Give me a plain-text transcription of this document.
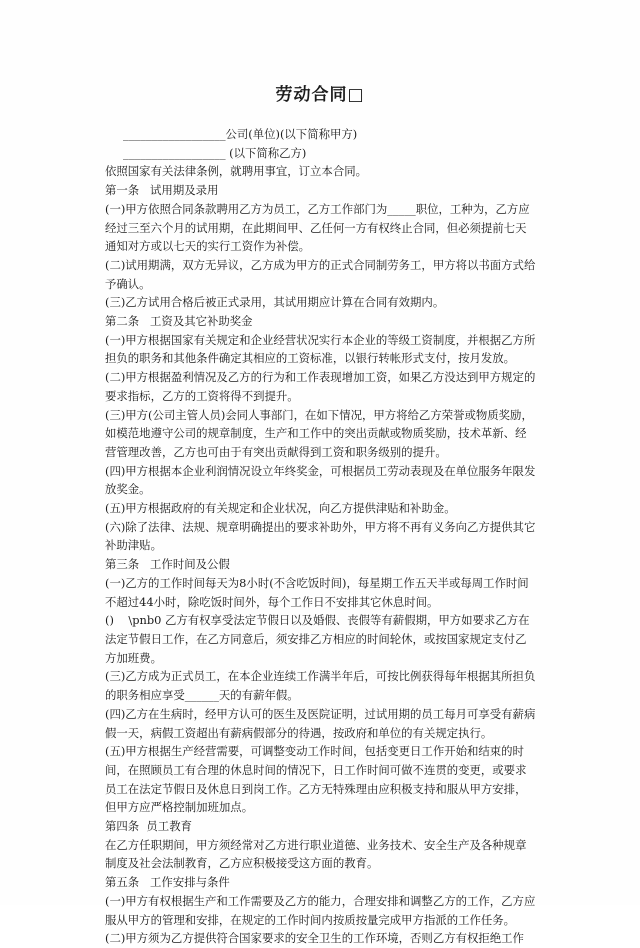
劳动合同□

__________________公司(单位)(以下简称甲方)

__________________ (以下简称乙方)

依照国家有关法律条例，就聘用事宜，订立本合同。

第一条   试用期及录用

(一)甲方依照合同条款聘用乙方为员工，乙方工作部门为_____职位，工种为，乙方应经过三至六个月的试用期，在此期间甲、乙任何一方有权终止合同，但必须提前七天通知对方或以七天的实行工资作为补偿。

(二)试用期满，双方无异议，乙方成为甲方的正式合同制劳务工，甲方将以书面方式给予确认。

(三)乙方试用合格后被正式录用，其试用期应计算在合同有效期内。

第二条   工资及其它补助奖金

(一)甲方根据国家有关规定和企业经营状况实行本企业的等级工资制度，并根据乙方所担负的职务和其他条件确定其相应的工资标准，以银行转帐形式支付，按月发放。

(二)甲方根据盈利情况及乙方的行为和工作表现增加工资，如果乙方没达到甲方规定的要求指标，乙方的工资将得不到提升。

(三)甲方(公司主管人员)会同人事部门，在如下情况，甲方将给乙方荣誉或物质奖励，如模范地遵守公司的规章制度，生产和工作中的突出贡献或物质奖励，技术革新、经营管理改善，乙方也可由于有突出贡献得到工资和职务级别的提升。

(四)甲方根据本企业利润情况设立年终奖金，可根据员工劳动表现及在单位服务年限发放奖金。

(五)甲方根据政府的有关规定和企业状况，向乙方提供津贴和补助金。

(六)除了法律、法规、规章明确提出的要求补助外，甲方将不再有义务向乙方提供其它补助津贴。

第三条   工作时间及公假

(一)乙方的工作时间每天为8小时(不含吃饭时间)，每星期工作五天半或每周工作时间不超过44小时，除吃饭时间外，每个工作日不安排其它休息时间。

()    \pnb0 乙方有权享受法定节假日以及婚假、丧假等有薪假期，甲方如要求乙方在法定节假日工作，在乙方同意后，须安排乙方相应的时间轮休，或按国家规定支付乙方加班费。

(三)乙方成为正式员工，在本企业连续工作满半年后，可按比例获得每年根据其所担负的职务相应享受______天的有薪年假。

(四)乙方在生病时，经甲方认可的医生及医院证明，过试用期的员工每月可享受有薪病假一天，病假工资超出有薪病假部分的待遇，按政府和单位的有关规定执行。

(五)甲方根据生产经营需要，可调整变动工作时间，包括变更日工作开始和结束的时间，在照顾员工有合理的休息时间的情况下，日工作时间可做不连贯的变更，或要求员工在法定节假日及休息日到岗工作。乙方无特殊理由应积极支持和服从甲方安排，但甲方应严格控制加班加点。

第四条  员工教育

在乙方任职期间，甲方须经常对乙方进行职业道德、业务技术、安全生产及各种规章制度及社会法制教育，乙方应积极接受这方面的教育。

第五条   工作安排与条件

(一)甲方有权根据生产和工作需要及乙方的能力，合理安排和调整乙方的工作，乙方应服从甲方的管理和安排，在规定的工作时间内按质按量完成甲方指派的工作任务。

(二)甲方须为乙方提供符合国家要求的安全卫生的工作环境，否则乙方有权拒绝工作
